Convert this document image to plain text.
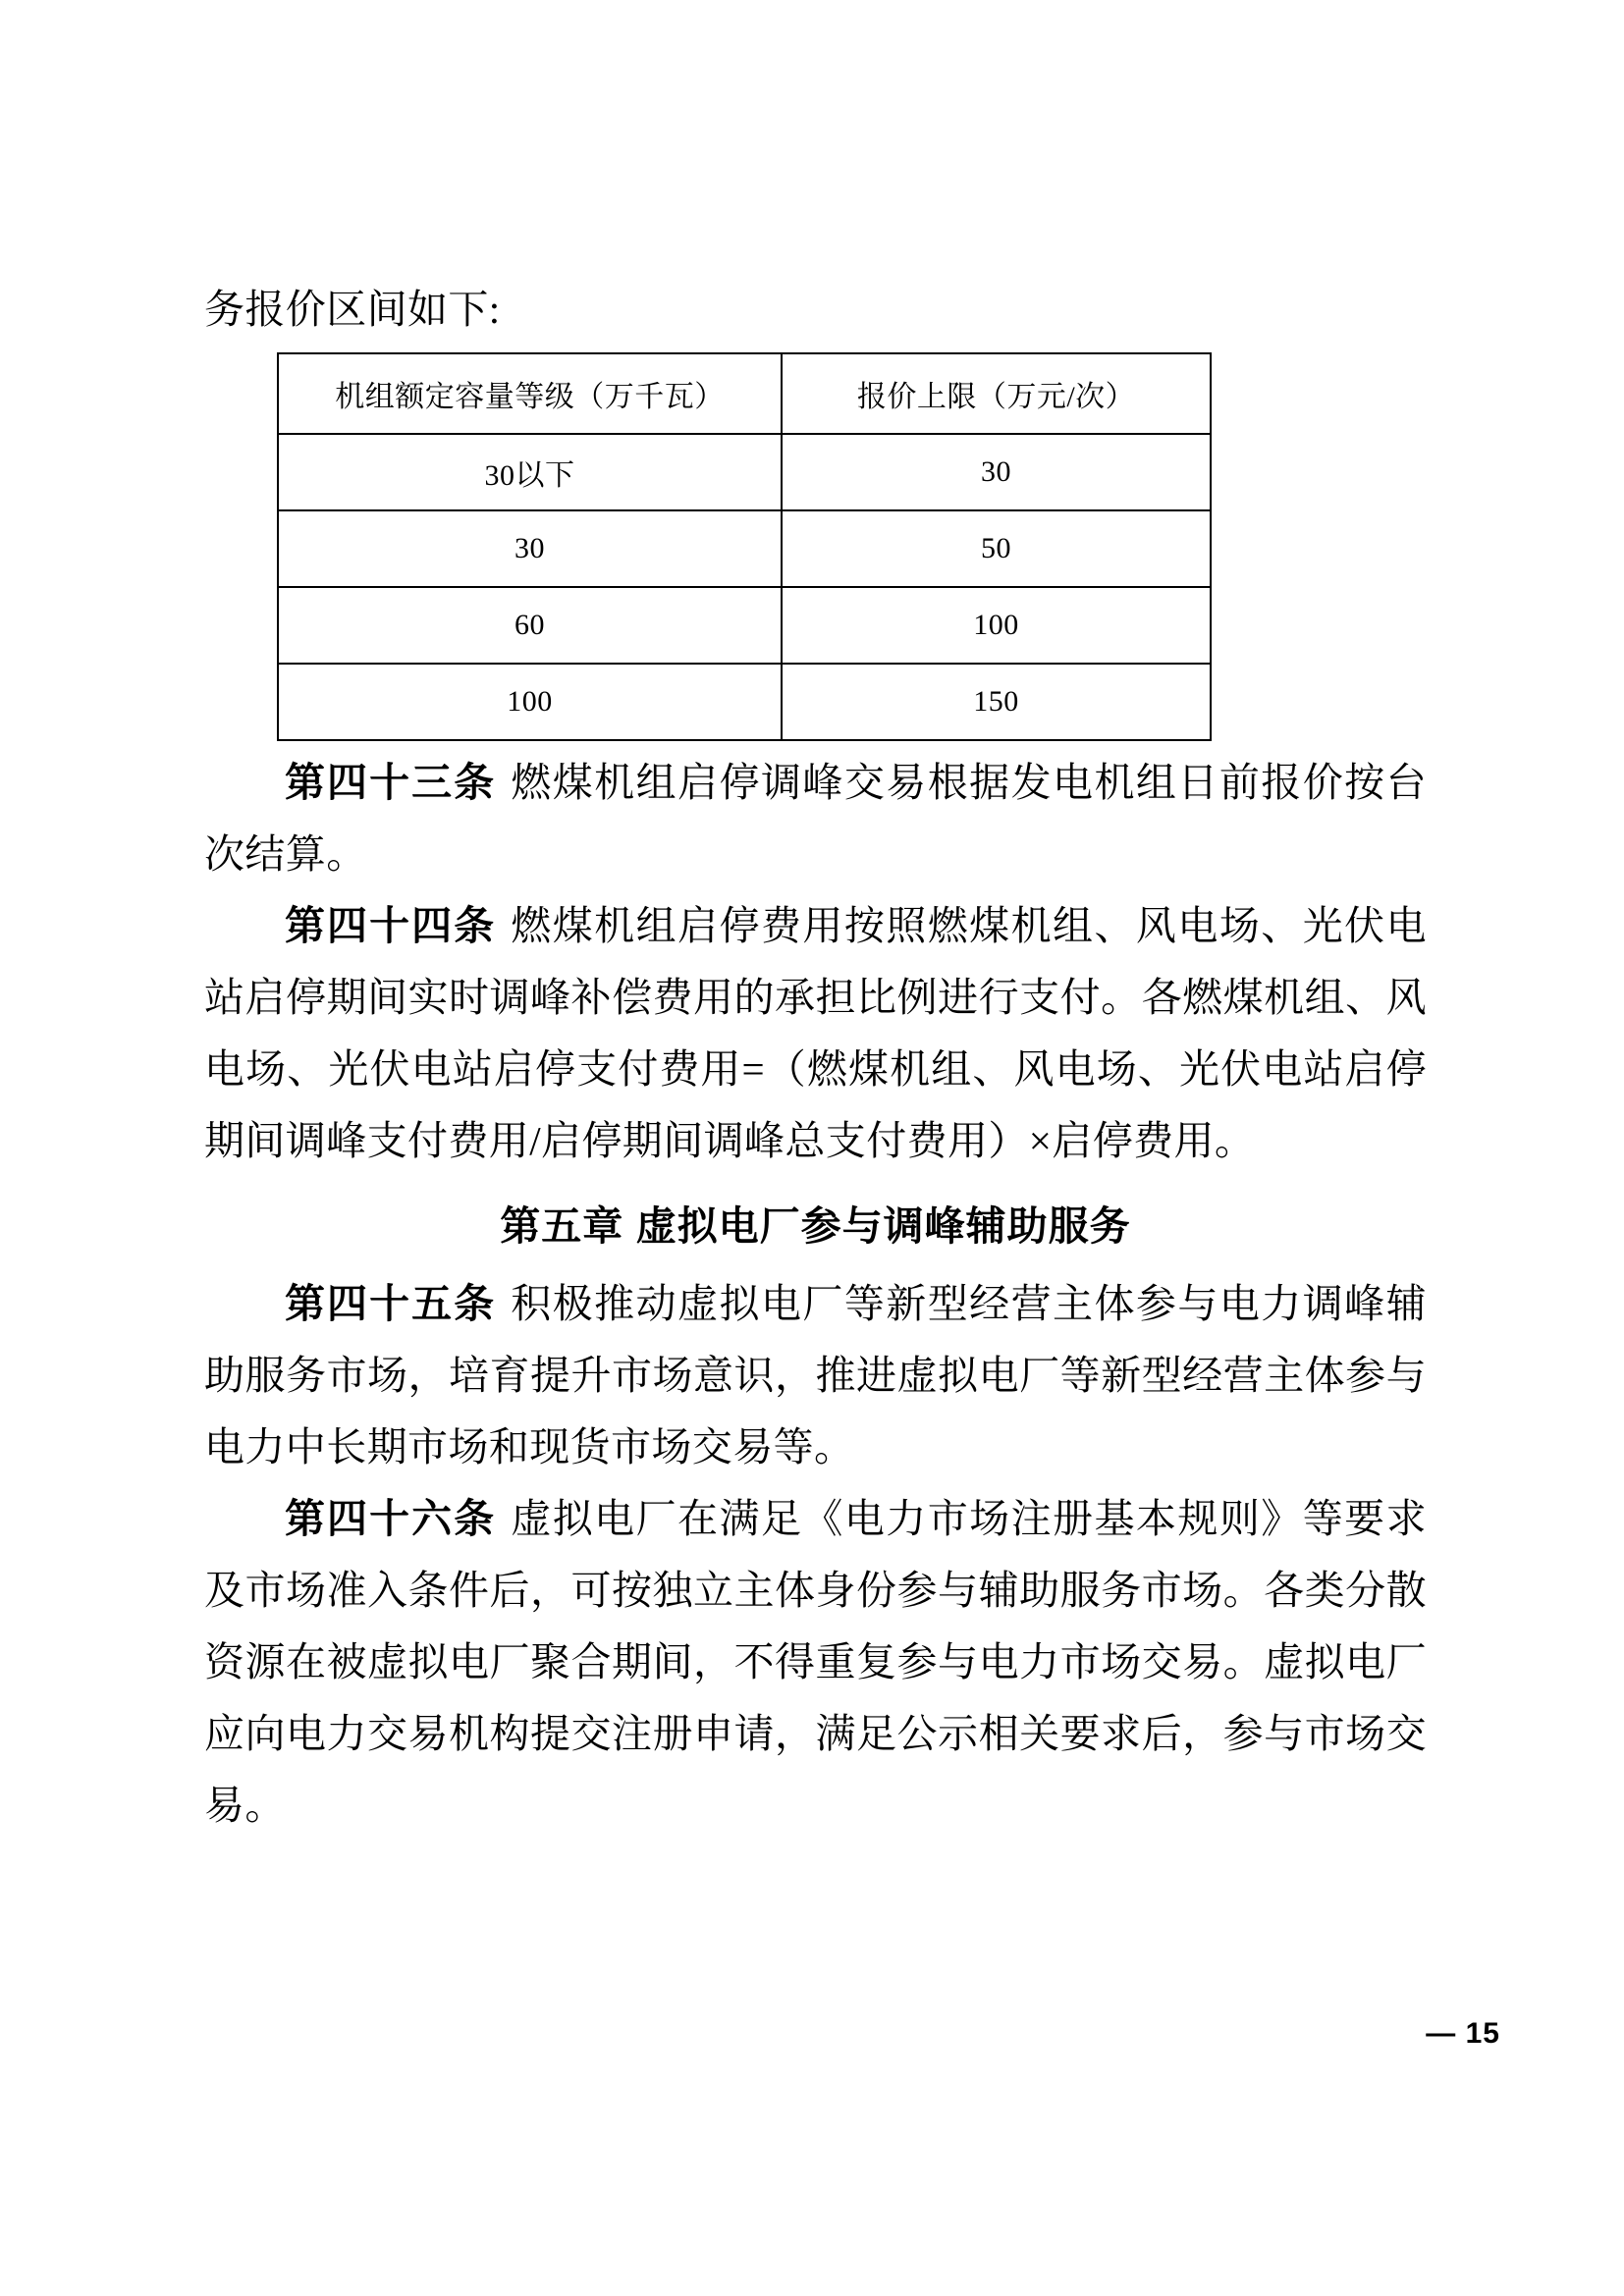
务报价区间如下:
机组额定容量等级（万千瓦）	报价上限（万元/次）
30以下	30
30	50
60	100
100	150

第四十三条 燃煤机组启停调峰交易根据发电机组日前报价按台次结算。

第四十四条 燃煤机组启停费用按照燃煤机组、风电场、光伏电站启停期间实时调峰补偿费用的承担比例进行支付。各燃煤机组、风电场、光伏电站启停支付费用=（燃煤机组、风电场、光伏电站启停期间调峰支付费用/启停期间调峰总支付费用）×启停费用。

第五章 虚拟电厂参与调峰辅助服务

第四十五条 积极推动虚拟电厂等新型经营主体参与电力调峰辅助服务市场，培育提升市场意识，推进虚拟电厂等新型经营主体参与电力中长期市场和现货市场交易等。

第四十六条 虚拟电厂在满足《电力市场注册基本规则》等要求及市场准入条件后，可按独立主体身份参与辅助服务市场。各类分散资源在被虚拟电厂聚合期间，不得重复参与电力市场交易。虚拟电厂应向电力交易机构提交注册申请，满足公示相关要求后，参与市场交易。

— 15
